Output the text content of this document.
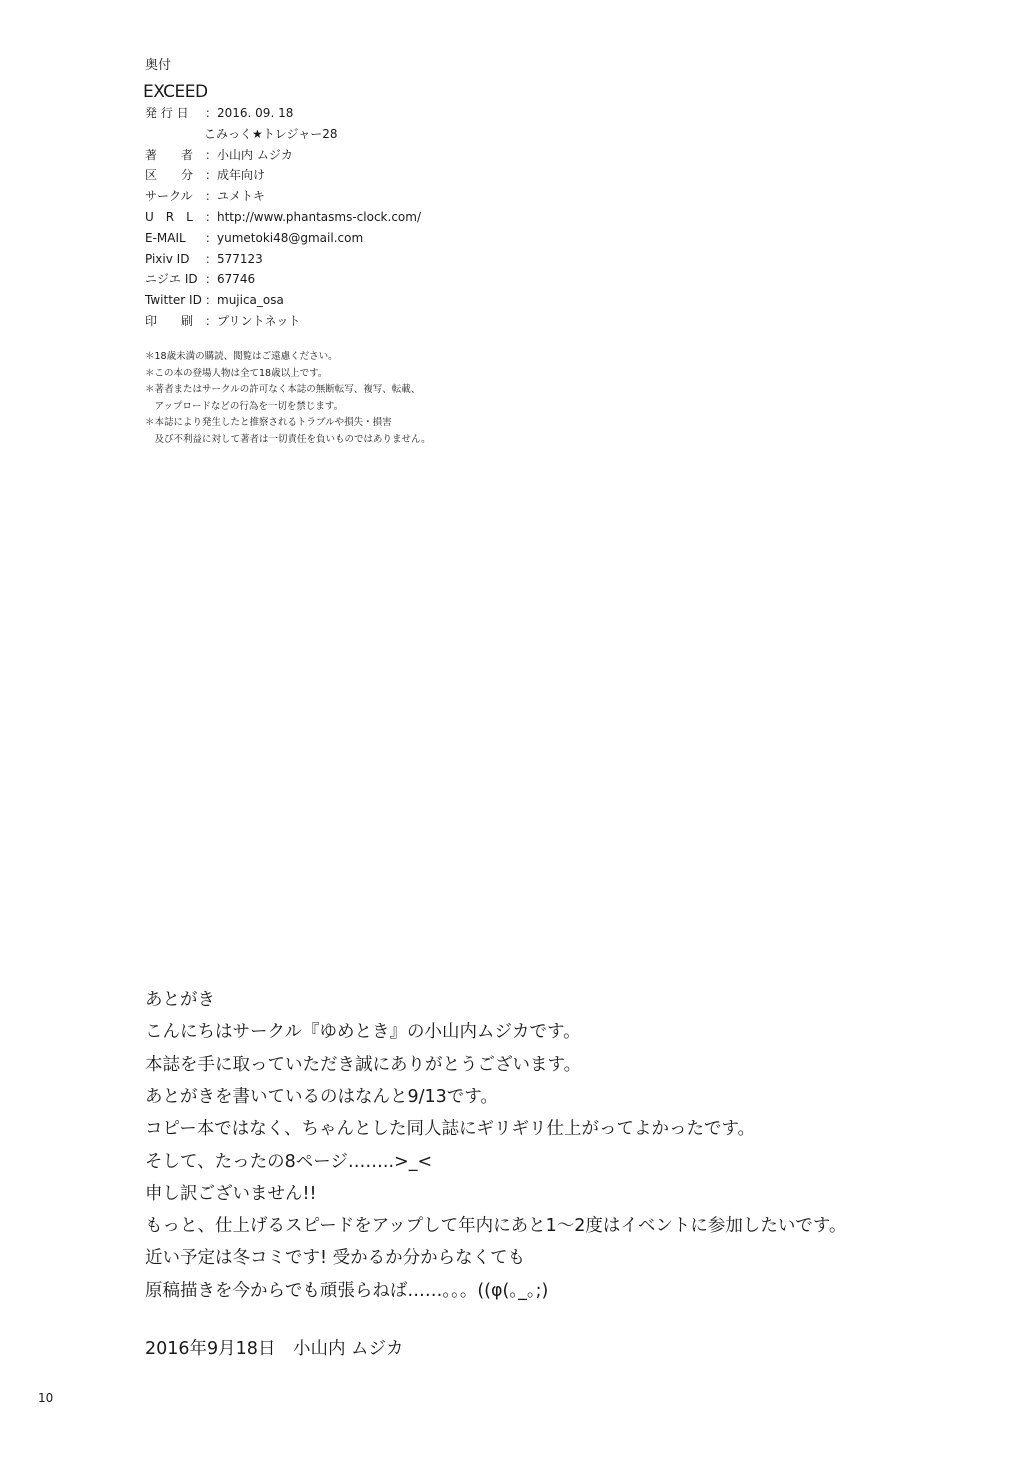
奥付
EXCEED
発 行 日	：2016. 09. 18
こみっく★トレジャー28
著　　者 ：小山内 ムジカ
区　　分 ：成年向け
サークル	：ユメトキ
U　R　L	：http://www.phantasms-clock.com/
E-MAIL	：yumetoki48@gmail.com
Pixiv ID	：577123
ニジエ ID ：67746
Twitter ID ：mujica_osa
印　　刷 ：プリントネット
＊18歳未満の購読、閲覧はご遠慮ください。
＊この本の登場人物は全て18歳以上です。
＊著者またはサークルの許可なく本誌の無断転写、複写、転載、
　アップロードなどの行為を一切を禁じます。
＊本誌により発生したと推察されるトラブルや損失・損害
　及び不利益に対して著者は一切責任を負いものではありません。
あとがき
こんにちはサークル『ゆめとき』の小山内ムジカです。
本誌を手に取っていただき誠にありがとうございます。
あとがきを書いているのはなんと9/13です。
コピー本ではなく、ちゃんとした同人誌にギリギリ仕上がってよかったです。
そして、たったの8ページ……..>_<
申し訳ございません!!
もっと、仕上げるスピードをアップして年内にあと1〜2度はイベントに参加したいです。
近い予定は冬コミです! 受かるか分からなくても
原稿描きを今からでも頑張らねば……。。。((φ(｡_｡;)
2016年9月18日　小山内 ムジカ
10
